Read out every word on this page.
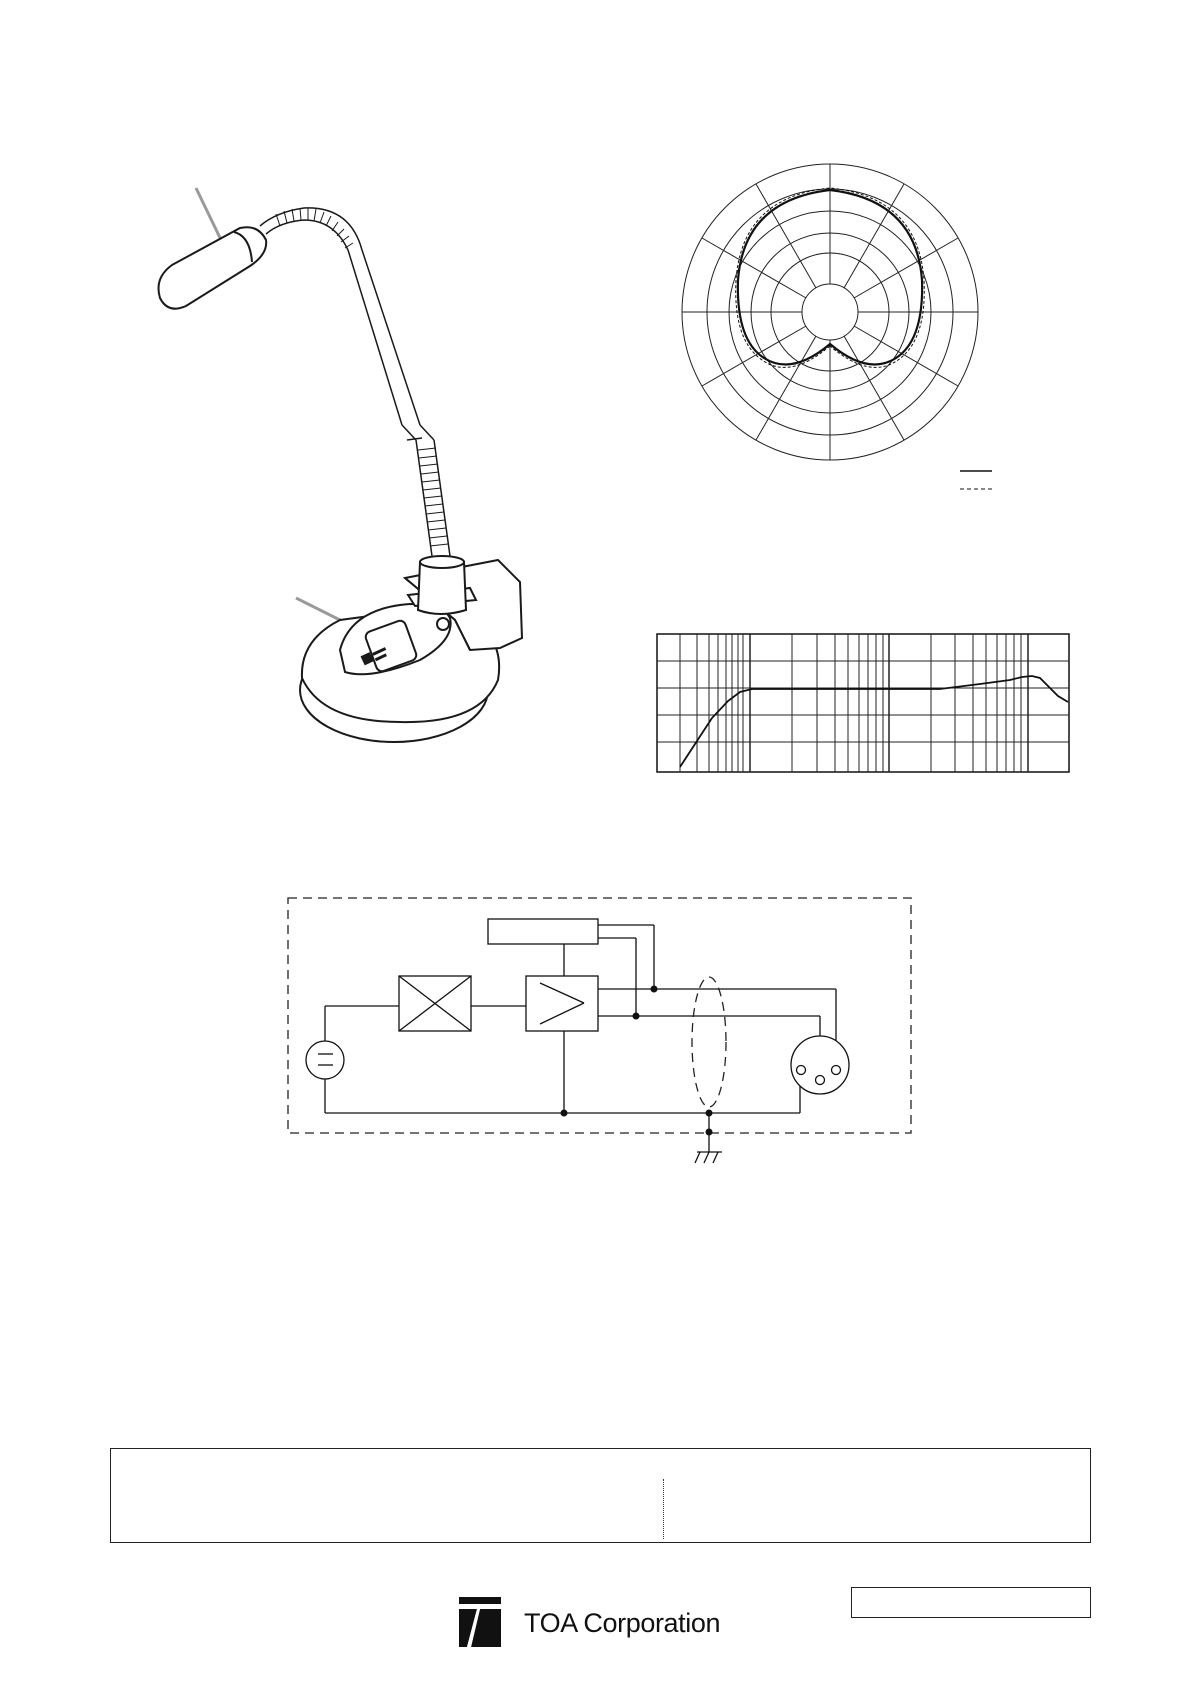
TOA Corporation
